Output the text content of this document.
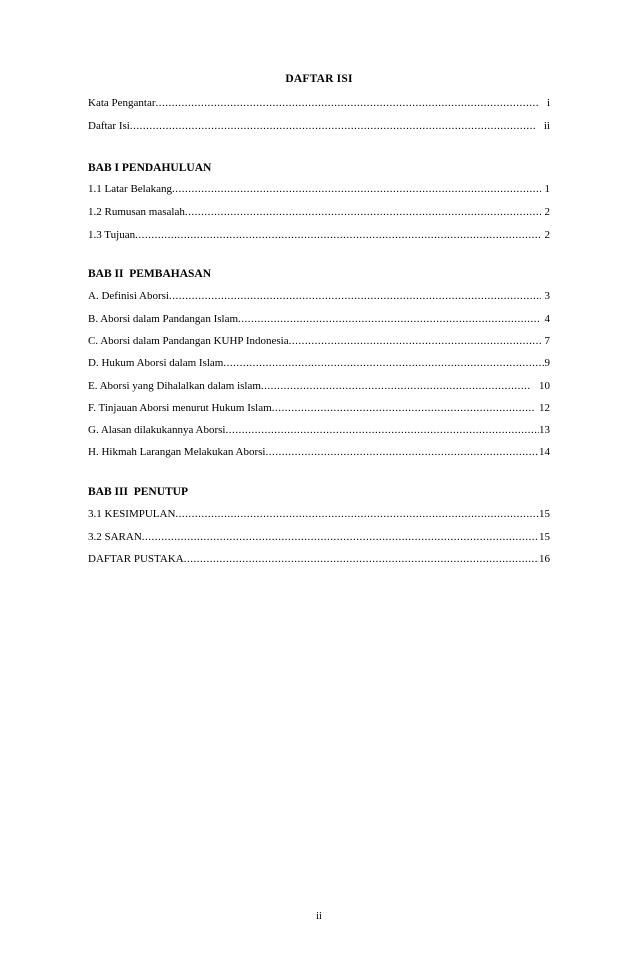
DAFTAR ISI
Kata Pengantar .....	i
Daftar Isi .....	ii
BAB I PENDAHULUAN
1.1 Latar Belakang .....	1
1.2 Rumusan masalah .....	2
1.3 Tujuan .....	2
BAB II  PEMBAHASAN
A. Definisi Aborsi .....	3
B. Aborsi dalam Pandangan Islam .....	4
C. Aborsi dalam Pandangan KUHP Indonesia .....	7
D. Hukum Aborsi dalam Islam .....	9
E. Aborsi yang Dihalalkan dalam islam .....	10
F. Tinjauan Aborsi menurut Hukum Islam .....	12
G. Alasan dilakukannya Aborsi .....	13
H. Hikmah Larangan Melakukan Aborsi .....	14
BAB III  PENUTUP
3.1 KESIMPULAN .....	15
3.2 SARAN .....	15
DAFTAR PUSTAKA .....	16
ii
